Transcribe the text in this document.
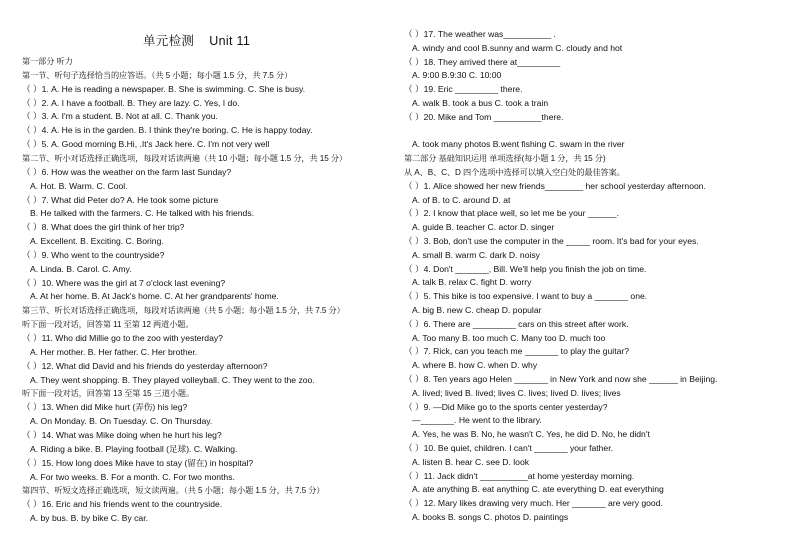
单元检测 Unit 11
第一部分 听力
第一节、听句子选择恰当的应答语。（共 5 小题；每小题 1.5 分，共 7.5 分）
（ ）1. A. He is reading a newspaper. B. She is swimming. C. She is busy.
（ ）2. A. I have a football. B. They are lazy. C. Yes, I do.
（ ）3. A. I'm a student. B. Not at all. C. Thank you.
（ ）4. A. He is in the garden. B. I think they're boring. C. He is happy today.
（ ）5. A. Good morning B.Hi, .It's Jack here. C. I'm not very well
第二节、听小对话选择正确选项，每段对话读两遍（共 10 小题；每小题 1.5 分，共 15 分）
（ ）6. How was the weather on the farm last Sunday?
A. Hot. B. Warm. C. Cool.
（ ）7. What did Peter do? A. He took some picture
B. He talked with the farmers. C. He talked with his friends.
（ ）8. What does the girl think of her trip?
A. Excellent. B. Exciting. C. Boring.
（ ）9. Who went to the countryside?
A. Linda. B. Carol. C. Amy.
（ ）10. Where was the girl at 7 o'clock last evening?
A. At her home. B. At Jack's home. C. At her grandparents' home.
第三节、听长对话选择正确选项，每段对话读两遍（共 5 小题；每小题 1.5 分，共 7.5 分）
听下面一段对话，回答第 11 至第 12 两道小题。
（ ）11. Who did Millie go to the zoo with yesterday?
A. Her mother. B. Her father. C. Her brother.
（ ）12. What did David and his friends do yesterday afternoon?
A. They went shopping. B. They played volleyball. C. They went to the zoo.
听下面一段对话，回答第 13 至第 15 三道小题。
（ ）13. When did Mike hurt (弄伤) his leg?
A. On Monday. B. On Tuesday. C. On Thursday.
（ ）14. What was Mike doing when he hurt his leg?
A. Riding a bike. B. Playing football (足球). C. Walking.
（ ）15. How long does Mike have to stay (留在) in hospital?
A. For two weeks. B. For a month. C. For two months.
第四节、听短文选择正确选项，短文读两遍。（共 5 小题；每小题 1.5 分，共 7.5 分）
（ ）16. Eric and his friends went to the countryside.
A. by bus. B. by bike C. By car.
（ ）17. The weather was__________ .
A. windy and cool B.sunny and warm C. cloudy and hot
（ ）18. They arrived there at_________
A. 9:00 B.9:30 C. 10:00
（ ）19. Eric _________ there.
A. walk B. took a bus C. took a train
（ ）20. Mike and Tom __________there.
A. took many photos B.went fishing C. swam in the river
第二部分 基础知识运用 单项选择(每小题 1 分，共 15 分)
从 A、B、C、D 四个选项中选择可以填入空白处的最佳答案。
（ ）1. Alice showed her new friends________ her school yesterday afternoon.
A. of B. to C. around D. at
（ ）2. I know that place well, so let me be your ______.
A. guide B. teacher C. actor D. singer
（ ）3. Bob, don't use the computer in the _____ room. It's bad for your eyes.
A. small B. warm C. dark D. noisy
（ ）4. Don't _______, Bill. We'll help you finish the job on time.
A. talk B. relax C. fight D. worry
（ ）5. This bike is too expensive. I want to buy a _______ one.
A. big B. new C. cheap D. popular
（ ）6. There are _________ cars on this street after work.
A. Too many B. too much C. Many too D. much too
（ ）7. Rick, can you teach me _______ to play the guitar?
A. where B. how C. when D. why
（ ）8. Ten years ago Helen _______ in New York and now she ______ in Beijing.
A. lived; lived B. lived; lives C. lives; lived D. lives; lives
（ ）9. —Did Mike go to the sports center yesterday?
—_______. He went to the library.
A. Yes, he was B. No, he wasn't C. Yes, he did D. No, he didn't
（ ）10. Be quiet, children. I can't _______ your father.
A. listen B. hear C. see D. look
（ ）11. Jack didn't __________at home yesterday morning.
A. ate anything B. eat anything C. ate everything D. eat everything
（ ）12. Mary likes drawing very much. Her _______ are very good.
A. books B. songs C. photos D. paintings
